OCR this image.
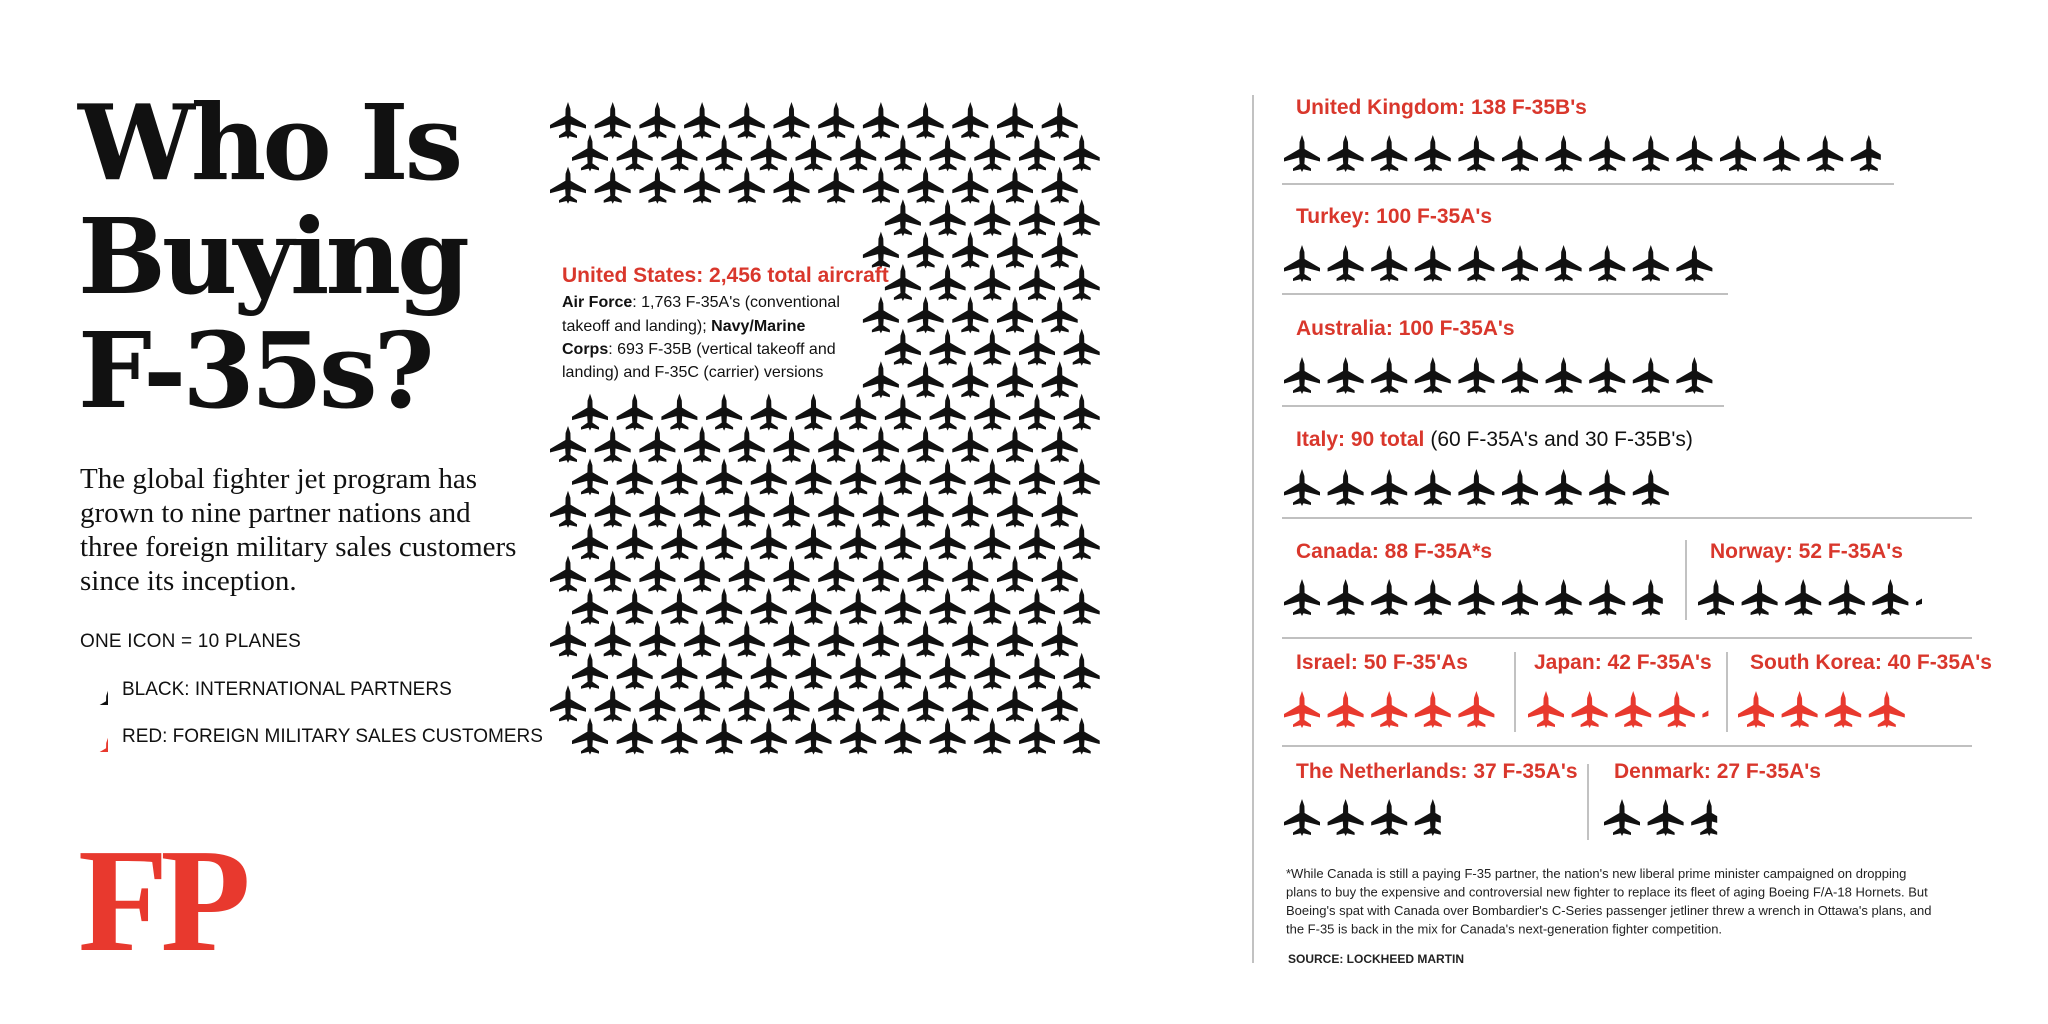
Who Is Buying F-35s?

The global fighter jet program has grown to nine partner nations and three foreign military sales customers since its inception.

ONE ICON = 10 PLANES
BLACK: INTERNATIONAL PARTNERS
RED: FOREIGN MILITARY SALES CUSTOMERS
FP
United States: 2,456 total aircraft
Air Force: 1,763 F-35A's (conventional
takeoff and landing); Navy/Marine
Corps: 693 F-35B (vertical takeoff and
landing) and F-35C (carrier) versions
United Kingdom: 138 F-35B's
Turkey: 100 F-35A's
Australia: 100 F-35A's
Italy: 90 total (60 F-35A's and 30 F-35B's)
Canada: 88 F-35A*s	Norway: 52 F-35A's
Israel: 50 F-35'As	Japan: 42 F-35A's South Korea: 40 F-35A's
The Netherlands: 37 F-35A's Denmark: 27 F-35A's
*While Canada is still a paying F-35 partner, the nation's new liberal prime minister campaigned on dropping
plans to buy the expensive and controversial new fighter to replace its fleet of aging Boeing F/A-18 Hornets. But
Boeing's spat with Canada over Bombardier's C-Series passenger jetliner threw a wrench in Ottawa's plans, and
the F-35 is back in the mix for Canada's next-generation fighter competition.
SOURCE: LOCKHEED MARTIN
